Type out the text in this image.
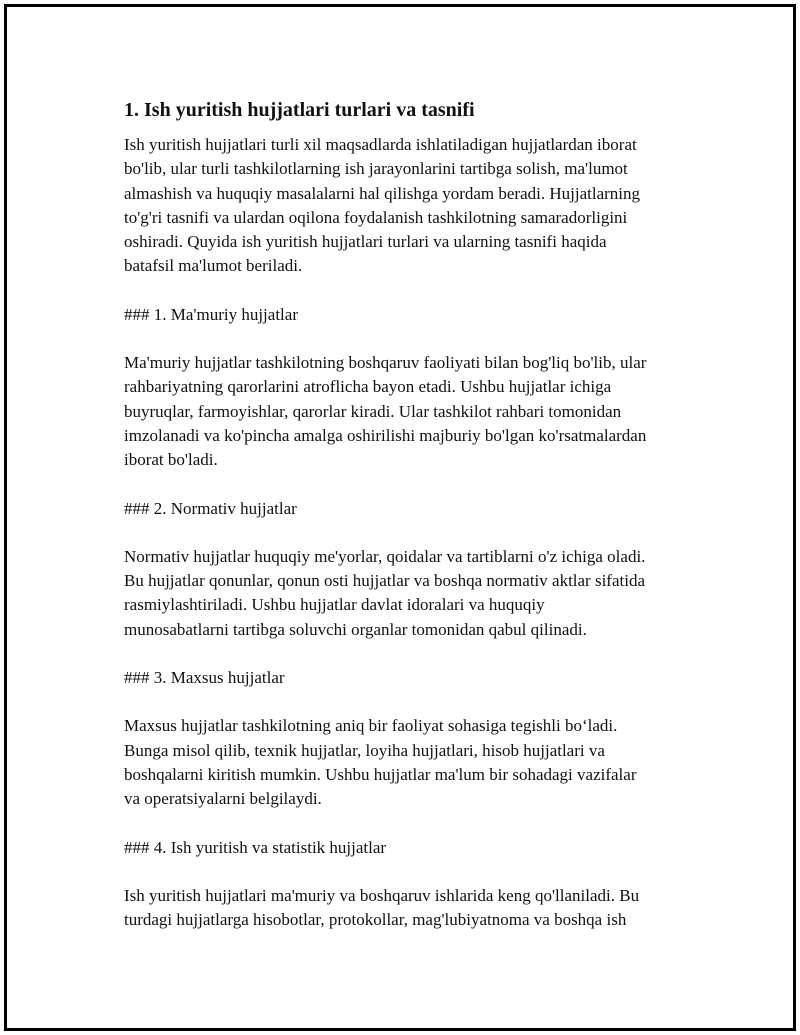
1. Ish yuritish hujjatlari turlari va tasnifi
Ish yuritish hujjatlari turli xil maqsadlarda ishlatiladigan hujjatlardan iborat
bo'lib, ular turli tashkilotlarning ish jarayonlarini tartibga solish, ma'lumot
almashish va huquqiy masalalarni hal qilishga yordam beradi. Hujjatlarning
to'g'ri tasnifi va ulardan oqilona foydalanish tashkilotning samaradorligini
oshiradi. Quyida ish yuritish hujjatlari turlari va ularning tasnifi haqida
batafsil ma'lumot beriladi.
### 1. Ma'muriy hujjatlar
Ma'muriy hujjatlar tashkilotning boshqaruv faoliyati bilan bog'liq bo'lib, ular
rahbariyatning qarorlarini atroflicha bayon etadi. Ushbu hujjatlar ichiga
buyruqlar, farmoyishlar, qarorlar kiradi. Ular tashkilot rahbari tomonidan
imzolanadi va ko'pincha amalga oshirilishi majburiy bo'lgan ko'rsatmalardan
iborat bo'ladi.
### 2. Normativ hujjatlar
Normativ hujjatlar huquqiy me'yorlar, qoidalar va tartiblarni o'z ichiga oladi.
Bu hujjatlar qonunlar, qonun osti hujjatlar va boshqa normativ aktlar sifatida
rasmiylashtiriladi. Ushbu hujjatlar davlat idoralari va huquqiy
munosabatlarni tartibga soluvchi organlar tomonidan qabul qilinadi.
### 3. Maxsus hujjatlar
Maxsus hujjatlar tashkilotning aniq bir faoliyat sohasiga tegishli bo‘ladi.
Bunga misol qilib, texnik hujjatlar, loyiha hujjatlari, hisob hujjatlari va
boshqalarni kiritish mumkin. Ushbu hujjatlar ma'lum bir sohadagi vazifalar
va operatsiyalarni belgilaydi.
### 4. Ish yuritish va statistik hujjatlar
Ish yuritish hujjatlari ma'muriy va boshqaruv ishlarida keng qo'llaniladi. Bu
turdagi hujjatlarga hisobotlar, protokollar, mag'lubiyatnoma va boshqa ish
